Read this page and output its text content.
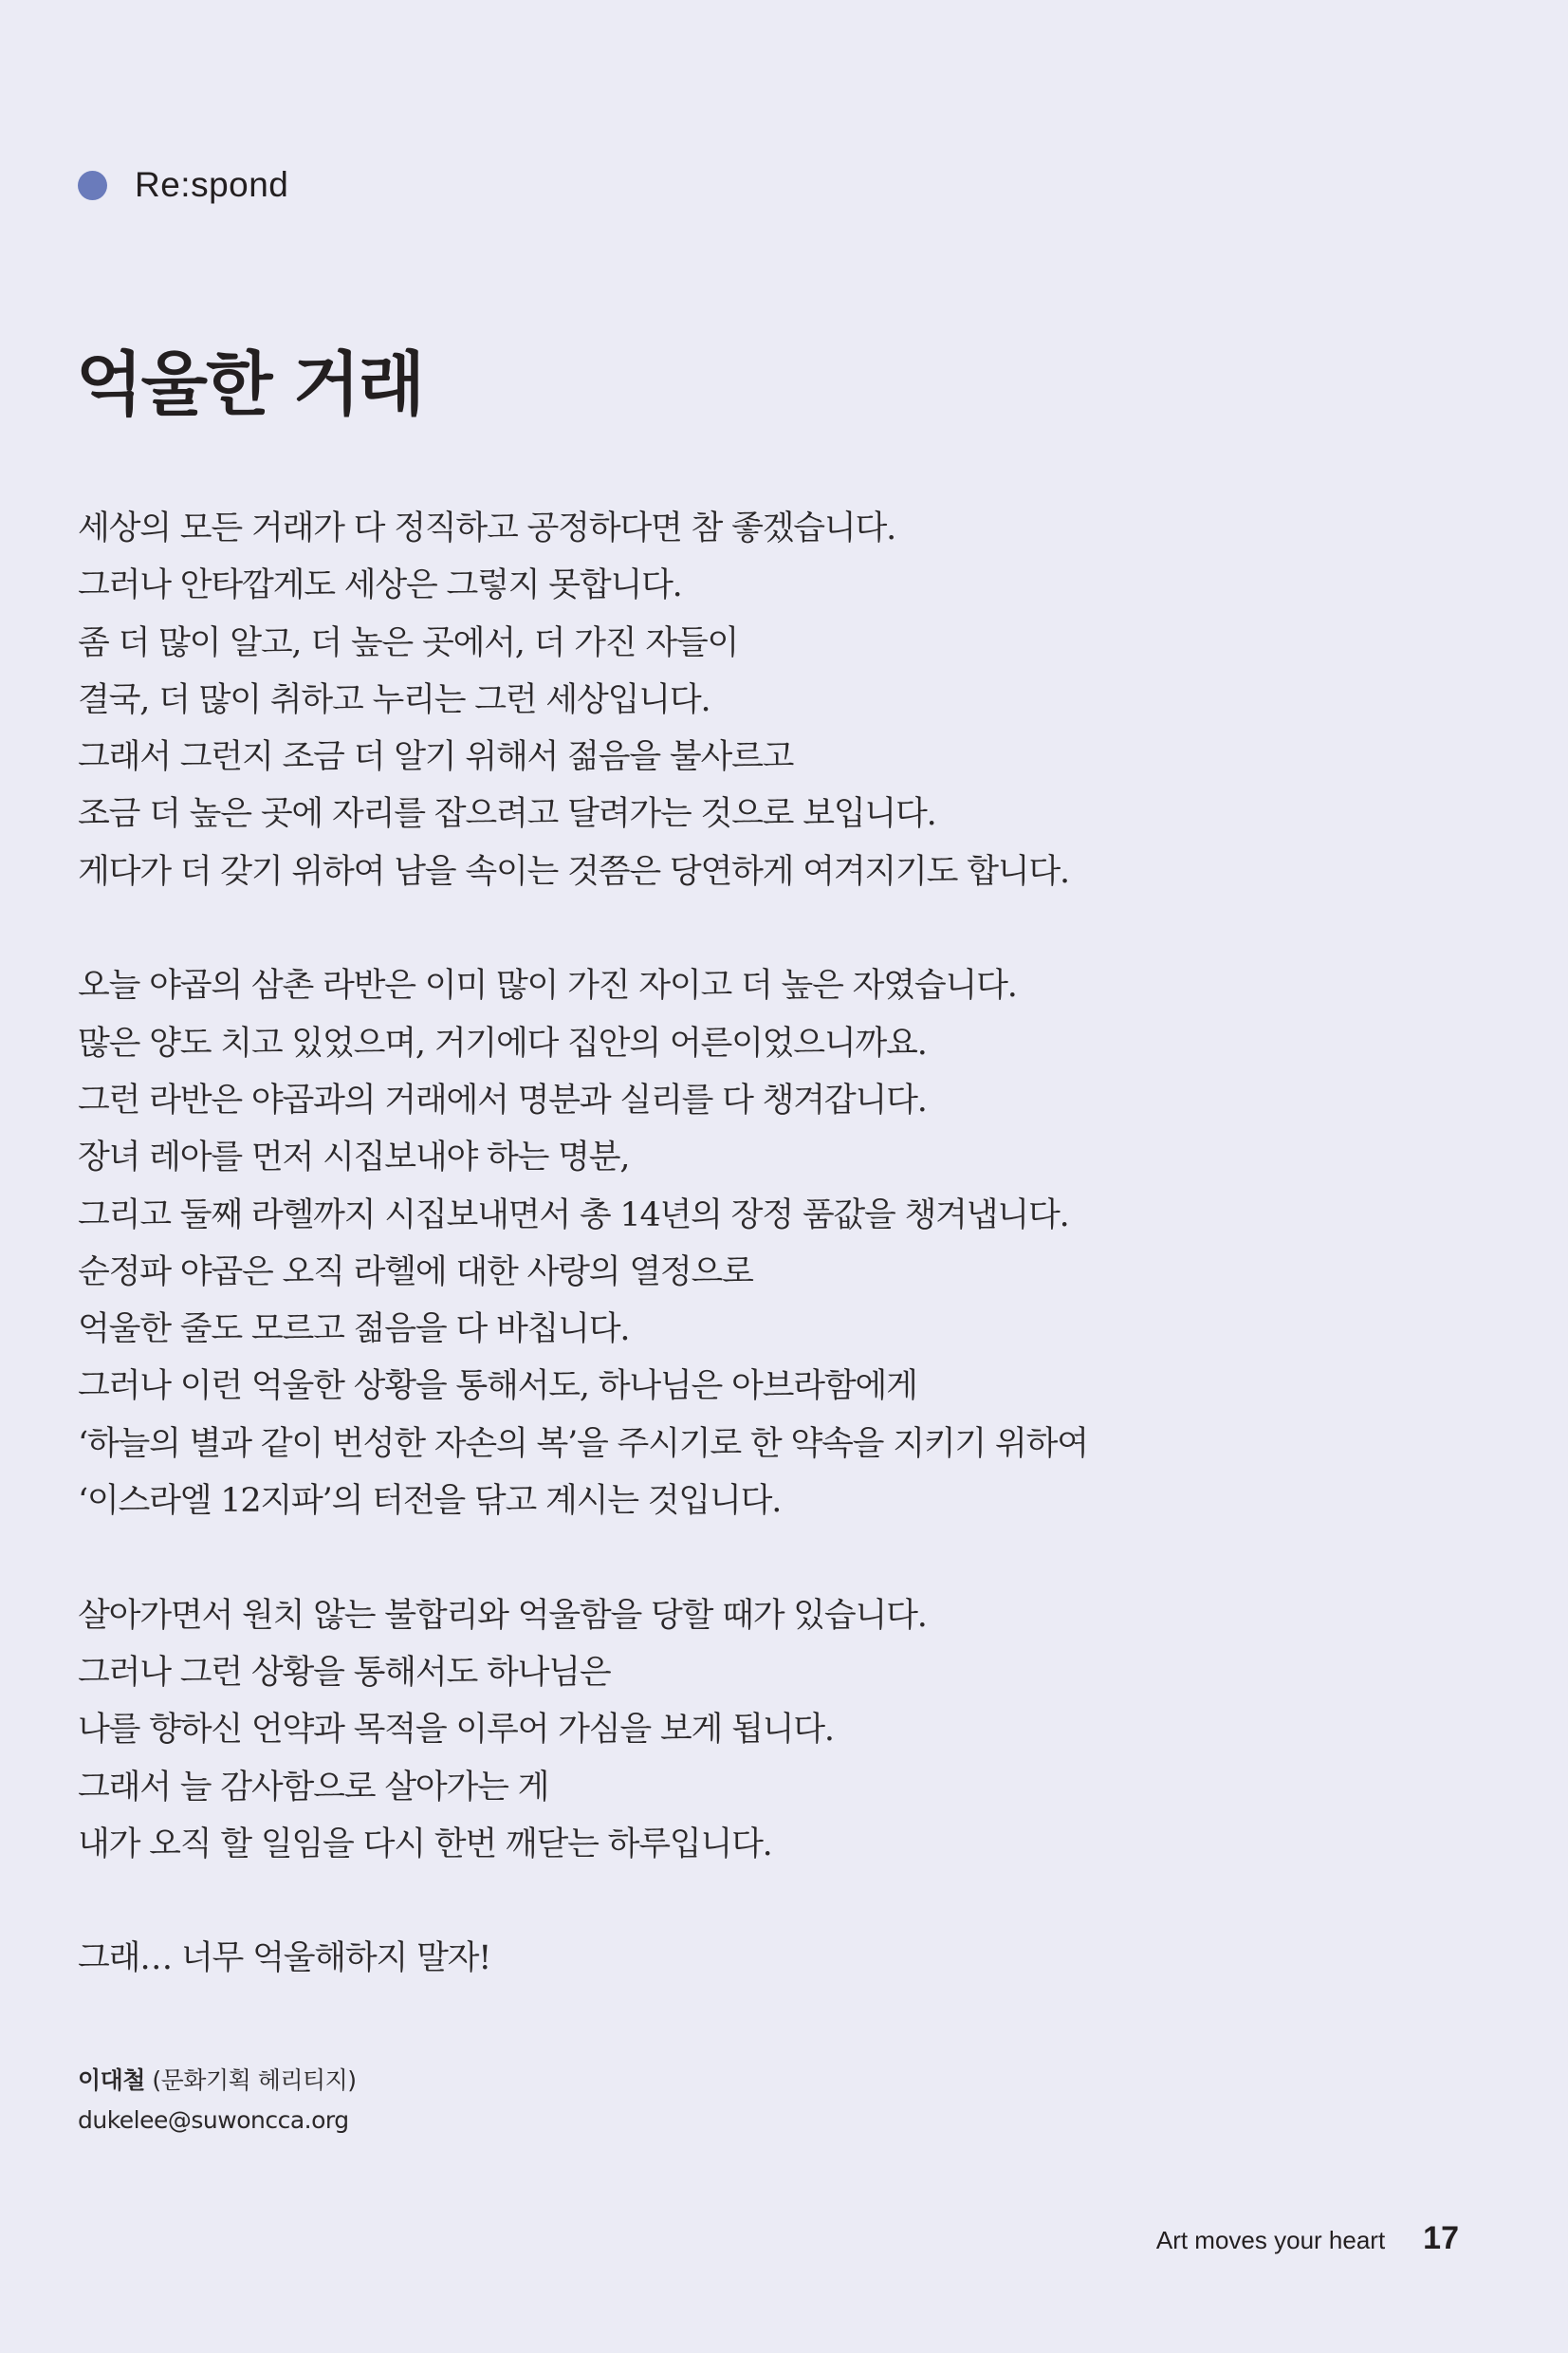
Re:spond
억울한 거래

세상의 모든 거래가 다 정직하고 공정하다면 참 좋겠습니다.
그러나 안타깝게도 세상은 그렇지 못합니다.
좀 더 많이 알고, 더 높은 곳에서, 더 가진 자들이
결국, 더 많이 취하고 누리는 그런 세상입니다.
그래서 그런지 조금 더 알기 위해서 젊음을 불사르고
조금 더 높은 곳에 자리를 잡으려고 달려가는 것으로 보입니다.
게다가 더 갖기 위하여 남을 속이는 것쯤은 당연하게 여겨지기도 합니다.

오늘 야곱의 삼촌 라반은 이미 많이 가진 자이고 더 높은 자였습니다.
많은 양도 치고 있었으며, 거기에다 집안의 어른이었으니까요.
그런 라반은 야곱과의 거래에서 명분과 실리를 다 챙겨갑니다.
장녀 레아를 먼저 시집보내야 하는 명분,
그리고 둘째 라헬까지 시집보내면서 총 14년의 장정 품값을 챙겨냅니다.
순정파 야곱은 오직 라헬에 대한 사랑의 열정으로
억울한 줄도 모르고 젊음을 다 바칩니다.
그러나 이런 억울한 상황을 통해서도, 하나님은 아브라함에게
‘하늘의 별과 같이 번성한 자손의 복’을 주시기로 한 약속을 지키기 위하여
‘이스라엘 12지파’의 터전을 닦고 계시는 것입니다.

살아가면서 원치 않는 불합리와 억울함을 당할 때가 있습니다.
그러나 그런 상황을 통해서도 하나님은
나를 향하신 언약과 목적을 이루어 가심을 보게 됩니다.
그래서 늘 감사함으로 살아가는 게
내가 오직 할 일임을 다시 한번 깨닫는 하루입니다.

그래… 너무 억울해하지 말자!

이대철 (문화기획 헤리티지)
dukelee@suwoncca.org
Art moves your heart 17
